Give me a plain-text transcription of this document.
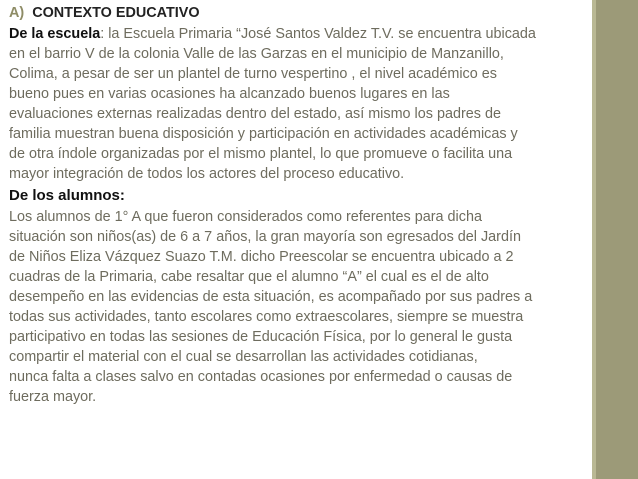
A) CONTEXTO EDUCATIVO
De la escuela: la Escuela Primaria “José Santos Valdez T.V. se encuentra ubicada
en el barrio V de la colonia Valle de las Garzas en el municipio de Manzanillo,
Colima, a pesar de ser un plantel de turno vespertino , el nivel académico es
bueno pues en varias ocasiones ha alcanzado buenos lugares en las
evaluaciones externas realizadas dentro del estado, así mismo los padres de
familia muestran buena disposición y participación en actividades académicas y
de otra índole organizadas por el mismo plantel, lo que promueve o facilita una
mayor integración de todos los actores del proceso educativo.
De los alumnos:
Los alumnos de 1° A que fueron considerados como referentes para dicha
situación son niños(as) de 6 a 7 años, la gran mayoría son egresados del Jardín
de Niños Eliza Vázquez Suazo T.M. dicho Preescolar se encuentra ubicado a 2
cuadras de la Primaria, cabe resaltar que el alumno “A” el cual es el de alto
desempeño en las evidencias de esta situación, es acompañado por sus padres a
todas sus actividades, tanto escolares como extraescolares, siempre se muestra
participativo en todas las sesiones de Educación Física, por lo general le gusta
compartir el material con el cual se desarrollan las actividades cotidianas,
nunca falta a clases salvo en contadas ocasiones por enfermedad o causas de
fuerza mayor.
